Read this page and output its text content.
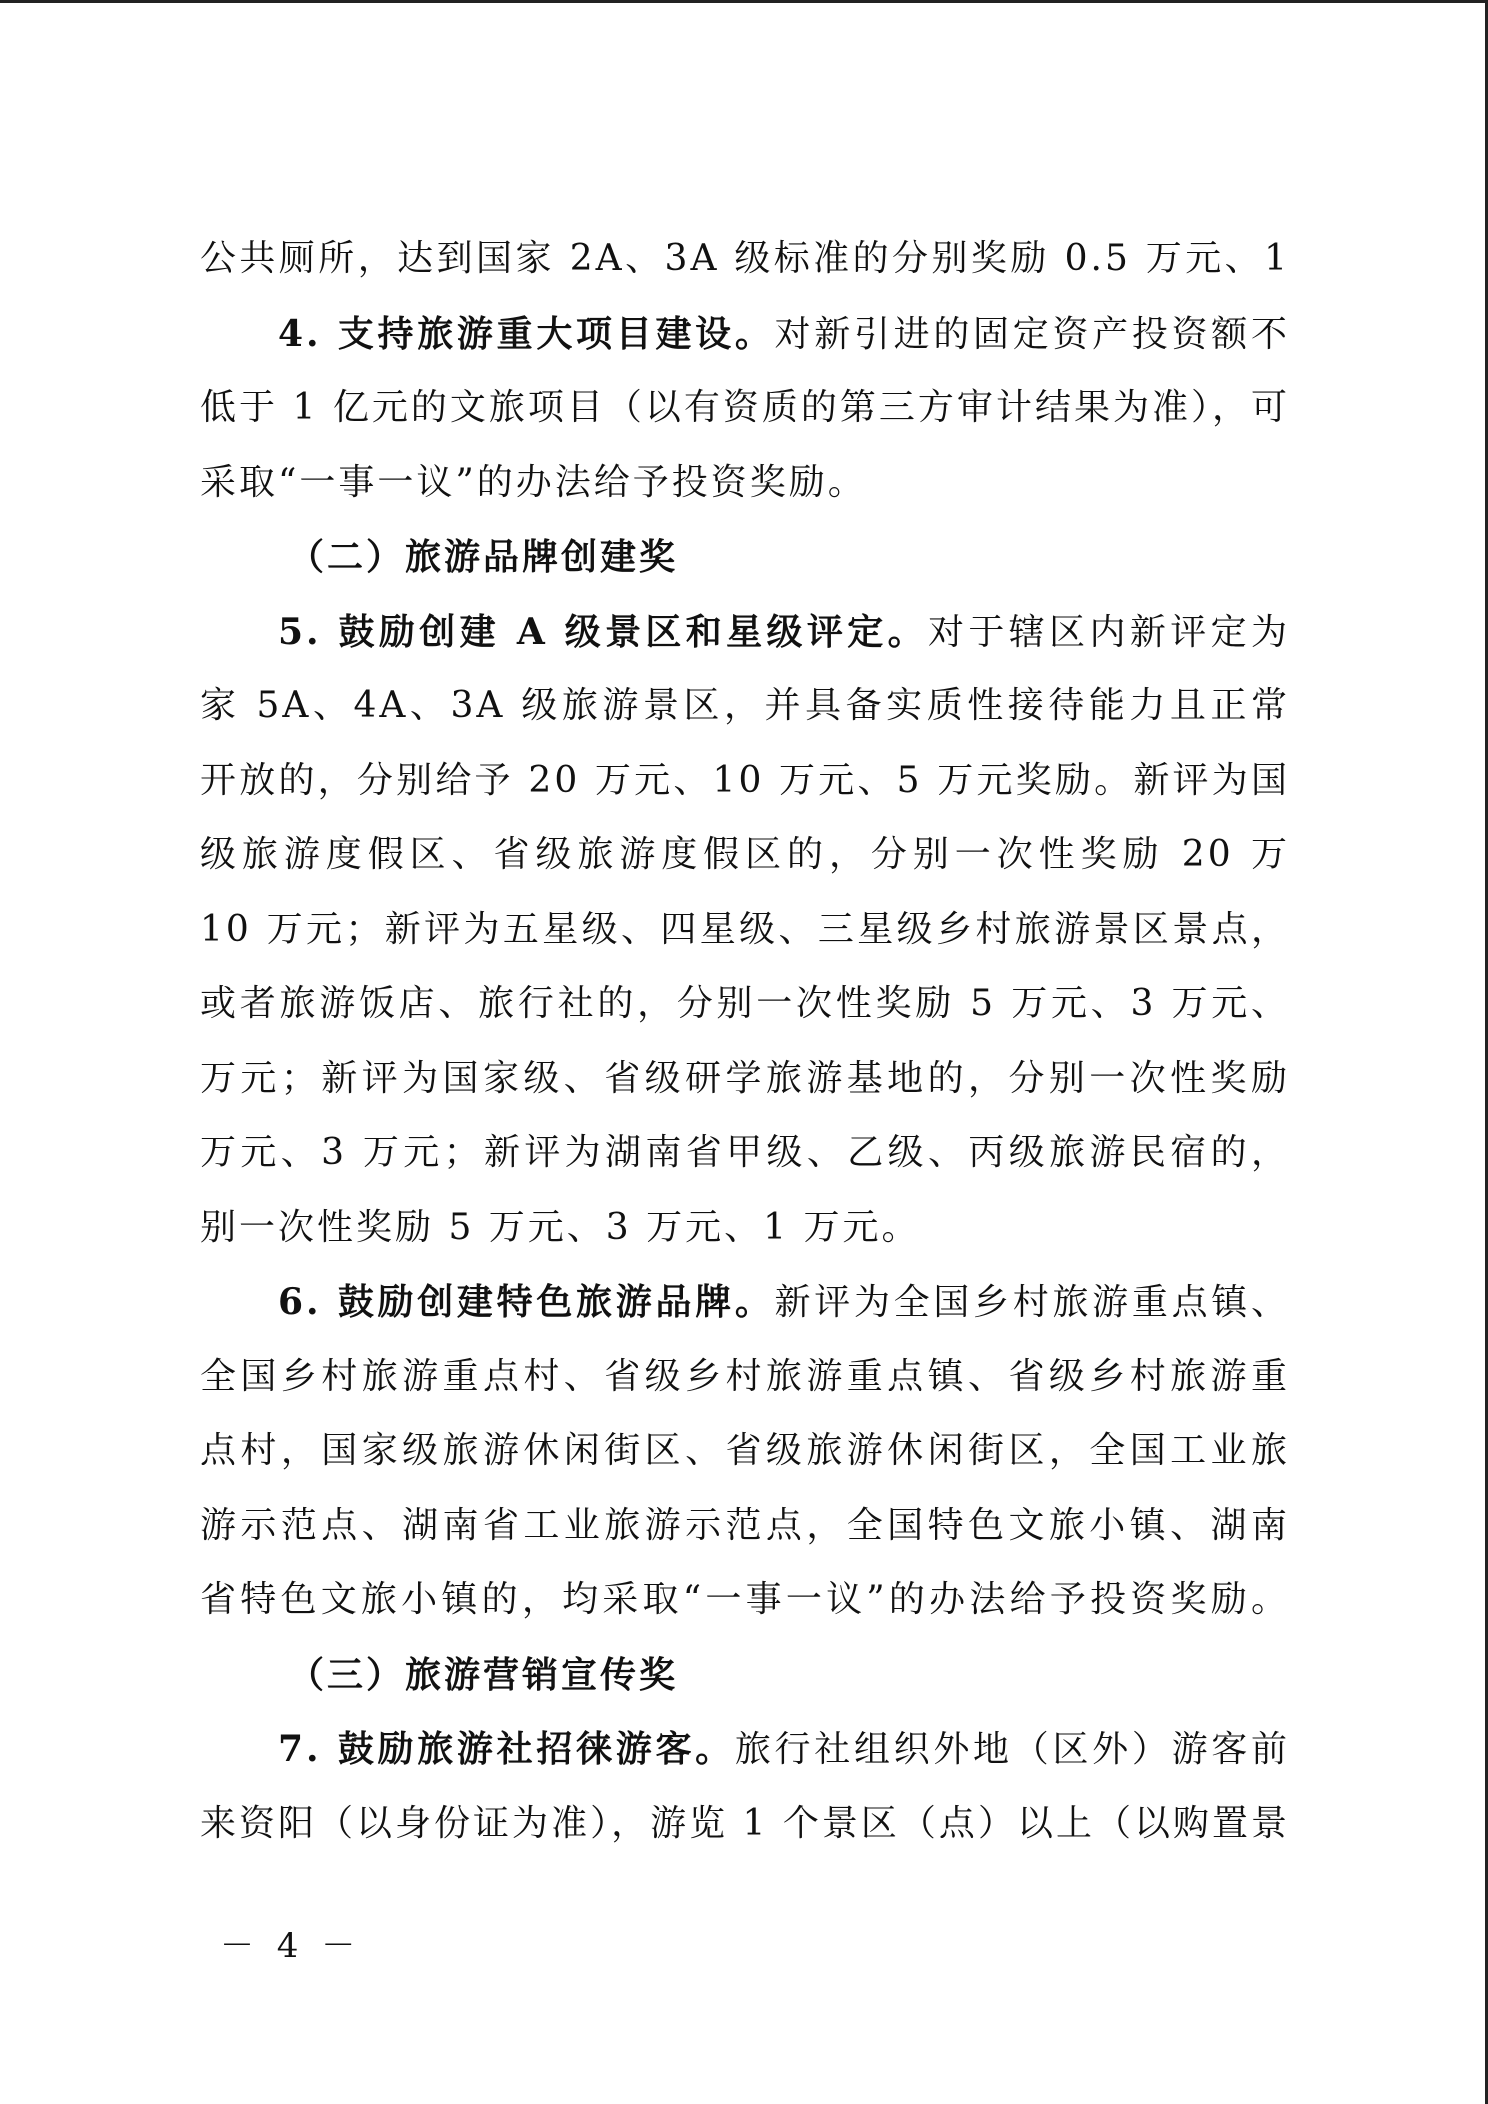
公共厕所，达到国家 2A、3A 级标准的分别奖励 0.5 万元、1
4. 支持旅游重大项目建设。对新引进的固定资产投资额不
低于 1 亿元的文旅项目（以有资质的第三方审计结果为准），可
采取“一事一议”的办法给予投资奖励。
（二）旅游品牌创建奖
5. 鼓励创建 A 级景区和星级评定。对于辖区内新评定为
家 5A、4A、3A 级旅游景区，并具备实质性接待能力且正常
开放的，分别给予 20 万元、10 万元、5 万元奖励。新评为国
级旅游度假区、省级旅游度假区的，分别一次性奖励 20 万
10 万元；新评为五星级、四星级、三星级乡村旅游景区景点，
或者旅游饭店、旅行社的，分别一次性奖励 5 万元、3 万元、
万元；新评为国家级、省级研学旅游基地的，分别一次性奖励
万元、3 万元；新评为湖南省甲级、乙级、丙级旅游民宿的，
别一次性奖励 5 万元、3 万元、1 万元。
6. 鼓励创建特色旅游品牌。新评为全国乡村旅游重点镇、
全国乡村旅游重点村、省级乡村旅游重点镇、省级乡村旅游重
点村，国家级旅游休闲街区、省级旅游休闲街区，全国工业旅
游示范点、湖南省工业旅游示范点，全国特色文旅小镇、湖南
省特色文旅小镇的，均采取“一事一议”的办法给予投资奖励。
（三）旅游营销宣传奖
7. 鼓励旅游社招徕游客。旅行社组织外地（区外）游客前
来资阳（以身份证为准），游览 1 个景区（点）以上（以购置景
－ 4 －
